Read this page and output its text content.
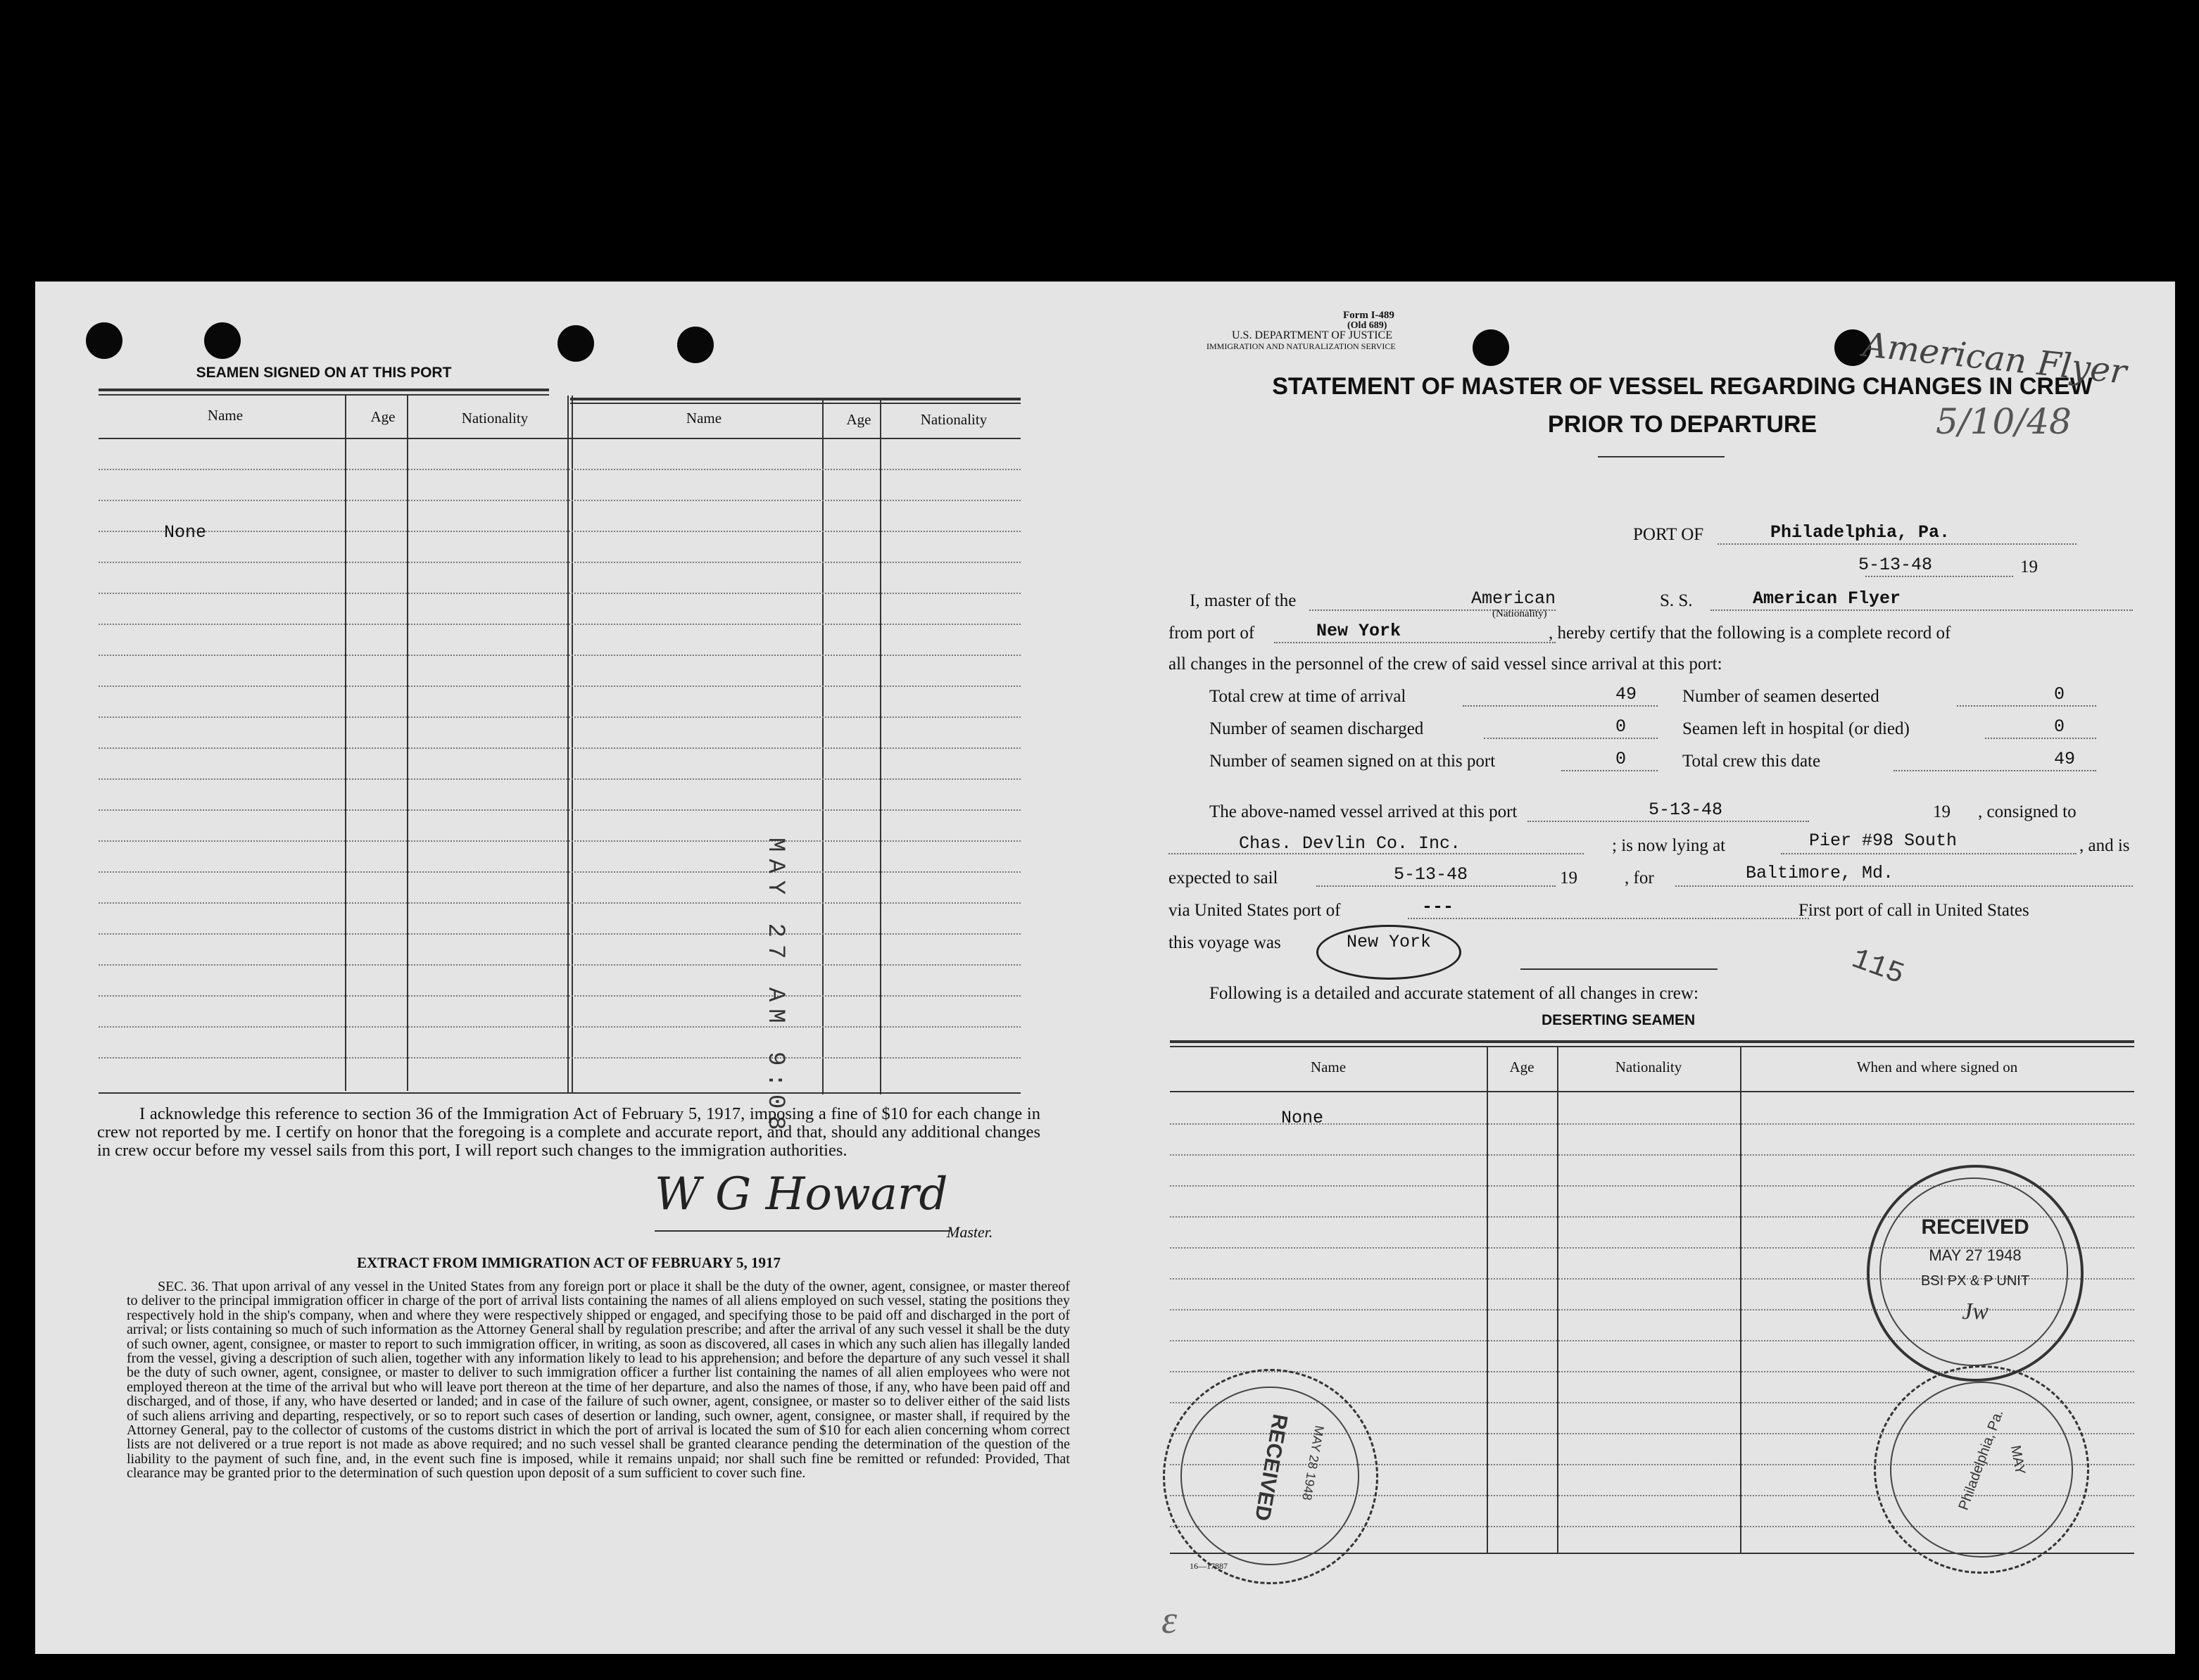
SEAMEN SIGNED ON AT THIS PORT
Name	Age	Nationality	Name	Age	Nationality
None
MAY 27 AM 9:08
I acknowledge this reference to section 36 of the Immigration Act of February 5, 1917, imposing a fine of $10 for each change in crew not reported by me. I certify on honor that the foregoing is a complete and accurate report, and that, should any additional changes in crew occur before my vessel sails from this port, I will report such changes to the immigration authorities.
W G Howard
Master.
EXTRACT FROM IMMIGRATION ACT OF FEBRUARY 5, 1917
SEC. 36. That upon arrival of any vessel in the United States from any foreign port or place it shall be the duty of the owner, agent, consignee, or master thereof to deliver to the principal immigration officer in charge of the port of arrival lists containing the names of all aliens employed on such vessel, stating the positions they respectively hold in the ship's company, when and where they were respectively shipped or engaged, and specifying those to be paid off and discharged in the port of arrival; or lists containing so much of such information as the Attorney General shall by regulation prescribe; and after the arrival of any such vessel it shall be the duty of such owner, agent, consignee, or master to report to such immigration officer, in writing, as soon as discovered, all cases in which any such alien has illegally landed from the vessel, giving a description of such alien, together with any information likely to lead to his apprehension; and before the departure of any such vessel it shall be the duty of such owner, agent, consignee, or master to deliver to such immigration officer a further list containing the names of all alien employees who were not employed thereon at the time of the arrival but who will leave port thereon at the time of her departure, and also the names of those, if any, who have been paid off and discharged, and of those, if any, who have deserted or landed; and in case of the failure of such owner, agent, consignee, or master so to deliver either of the said lists of such aliens arriving and departing, respectively, or so to report such cases of desertion or landing, such owner, agent, consignee, or master shall, if required by the Attorney General, pay to the collector of customs of the customs district in which the port of arrival is located the sum of $10 for each alien concerning whom correct lists are not delivered or a true report is not made as above required; and no such vessel shall be granted clearance pending the determination of the question of the liability to the payment of such fine, and, in the event such fine is imposed, while it remains unpaid; nor shall such fine be remitted or refunded: Provided, That clearance may be granted prior to the determination of such question upon deposit of a sum sufficient to cover such fine.
Form I-489
(Old 689)
U.S. DEPARTMENT OF JUSTICE
IMMIGRATION AND NATURALIZATION SERVICE
STATEMENT OF MASTER OF VESSEL REGARDING CHANGES IN CREW
PRIOR TO DEPARTURE
American Flyer
5/10/48
PORT OF	Philadelphia, Pa.
5-13-48	19
I, master of the	American
(Nationality)
S. S.	American Flyer
from port of	New York	, hereby certify that the following is a complete record of
all changes in the personnel of the crew of said vessel since arrival at this port:
Total crew at time of arrival	49	Number of seamen deserted	0
Number of seamen discharged	0	Seamen left in hospital (or died)	0
Number of seamen signed on at this port	0	Total crew this date	49
The above-named vessel arrived at this port	5-13-48	19 , consigned to
Chas. Devlin Co. Inc.	; is now lying at	Pier #98 South	, and is
expected to sail	5-13-48	19	, for	Baltimore, Md.
via United States port of	---	First port of call in United States
this voyage was	New York
115
Following is a detailed and accurate statement of all changes in crew:
DESERTING SEAMEN
Name	Age	Nationality	When and where signed on
None
16—17887
RECEIVED
MAY 27 1948
BSI PX & P UNIT
Jw
RECEIVED MAY 28 1948	Philadelphia, Pa. MAY
ε
